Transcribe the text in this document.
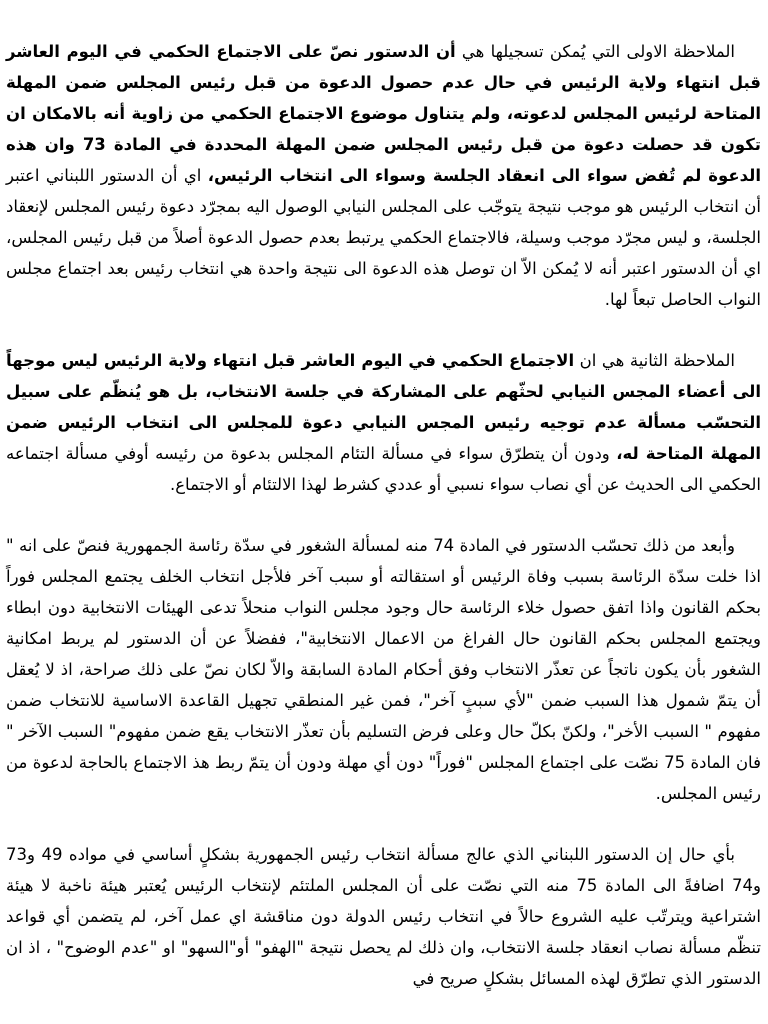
الملاحظة الاولى التي يُمكن تسجيلها هي أن الدستور نصّ على الاجتماع الحكمي في اليوم العاشر قبل انتهاء ولاية الرئيس في حال عدم حصول الدعوة من قبل رئيس المجلس ضمن المهلة المتاحة لرئيس المجلس لدعوته، ولم يتناول موضوع الاجتماع الحكمي من زاوية أنه بالامكان ان تكون قد حصلت دعوة من قبل رئيس المجلس ضمن المهلة المحددة في المادة 73 وان هذه الدعوة لم تُفض سواء الى انعقاد الجلسة وسواء الى انتخاب الرئيس، اي أن الدستور اللبناني اعتبر أن انتخاب الرئيس هو موجب نتيجة يتوجّب على المجلس النيابي الوصول اليه بمجرّد دعوة رئيس المجلس لإنعقاد الجلسة، و ليس مجرّد موجب وسيلة، فالاجتماع الحكمي يرتبط بعدم حصول الدعوة أصلاً من قبل رئيس المجلس، اي أن الدستور اعتبر أنه لا يُمكن الاّ ان توصل هذه الدعوة الى نتيجة واحدة هي انتخاب رئيس بعد اجتماع مجلس النواب الحاصل تبعاً لها.

الملاحظة الثانية هي ان الاجتماع الحكمي في اليوم العاشر قبل انتهاء ولاية الرئيس ليس موجهاً الى أعضاء المجس النيابي لحثّهم على المشاركة في جلسة الانتخاب، بل هو يُنظّم على سبيل التحسّب مسألة عدم توجيه رئيس المجس النيابي دعوة للمجلس الى انتخاب الرئيس ضمن المهلة المتاحة له، ودون أن يتطرّق سواء في مسألة التئام المجلس بدعوة من رئيسه أوفي مسألة اجتماعه الحكمي الى الحديث عن أي نصاب سواء نسبي أو عددي كشرط لهذا الالتئام أو الاجتماع.

وأبعد من ذلك تحسّب الدستور في المادة 74 منه لمسألة الشغور في سدّة رئاسة الجمهورية فنصّ على انه " اذا خلت سدّة الرئاسة بسبب وفاة الرئيس أو استقالته أو سبب آخر فلأجل انتخاب الخلف يجتمع المجلس فوراً بحكم القانون واذا اتفق حصول خلاء الرئاسة حال وجود مجلس النواب منحلاً تدعى الهيئات الانتخابية دون ابطاء ويجتمع المجلس بحكم القانون حال الفراغ من الاعمال الانتخابية"، ففضلاً عن أن الدستور لم يربط امكانية الشغور بأن يكون ناتجاً عن تعذّر الانتخاب وفق أحكام المادة السابقة والاّ لكان نصّ على ذلك صراحة، اذ لا يُعقل أن يتمّ شمول هذا السبب ضمن "لأي سببٍ آخر"، فمن غير المنطقي تجهيل القاعدة الاساسية للانتخاب ضمن مفهوم " السبب الأخر"، ولكنّ بكلّ حال وعلى فرض التسليم بأن تعذّر الانتخاب يقع ضمن مفهوم" السبب الآخر " فان المادة 75 نصّت على اجتماع المجلس "فوراً" دون أي مهلة ودون أن يتمّ ربط هذ الاجتماع بالحاجة لدعوة من رئيس المجلس.

بأي حال إن الدستور اللبناني الذي عالج مسألة انتخاب رئيس الجمهورية بشكلٍ أساسي في مواده 49 و73 و74 اضافةً الى المادة 75 منه التي نصّت على أن المجلس الملتئم لإنتخاب الرئيس يُعتبر هيئة ناخبة لا هيئة اشتراعية ويترتّب عليه الشروع حالاً في انتخاب رئيس الدولة دون مناقشة اي عمل آخر، لم يتضمن أي قواعد تنظّم مسألة نصاب انعقاد جلسة الانتخاب، وان ذلك لم يحصل نتيجة "الهفو" أو"السهو" او "عدم الوضوح" ، اذ ان الدستور الذي تطرّق لهذه المسائل بشكلٍ صريح في
